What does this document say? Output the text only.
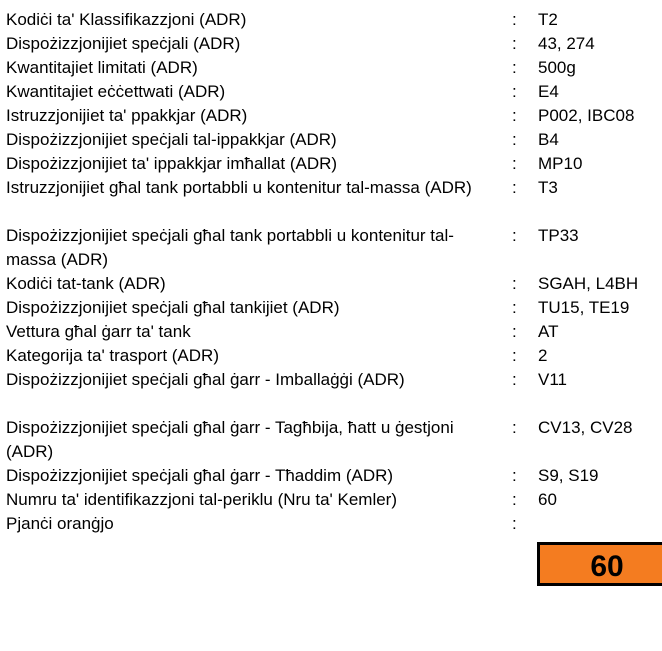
Kodiċi ta' Klassifikazzjoni (ADR)	: T2
Dispożizzjonijiet speċjali (ADR)	: 43, 274
Kwantitajiet limitati (ADR)	: 500g
Kwantitajiet eċċettwati (ADR)	: E4
Istruzzjonijiet ta' ppakkjar (ADR)	: P002, IBC08
Dispożizzjonijiet speċjali tal-ippakkjar (ADR)	: B4
Dispożizzjonijiet ta' ippakkjar imħallat (ADR)	: MP10
Istruzzjonijiet għal tank portabbli u kontenitur tal-massa (ADR)	: T3
Dispożizzjonijiet speċjali għal tank portabbli u kontenitur tal-massa (ADR)
: TP33
Kodiċi tat-tank (ADR)	: SGAH, L4BH
Dispożizzjonijiet speċjali għal tankijiet (ADR)	: TU15, TE19
Vettura għal ġarr ta' tank	: AT
Kategorija ta' trasport (ADR)	: 2
Dispożizzjonijiet speċjali għal ġarr - Imballaġġi (ADR)	: V11
Dispożizzjonijiet speċjali għal ġarr - Tagħbija, ħatt u ġestjoni (ADR)
: CV13, CV28
Dispożizzjonijiet speċjali għal ġarr - Tħaddim (ADR)	: S9, S19
Numru ta' identifikazzjoni tal-periklu (Nru ta' Kemler)	: 60
Pjanċi oranġjo	:
60
